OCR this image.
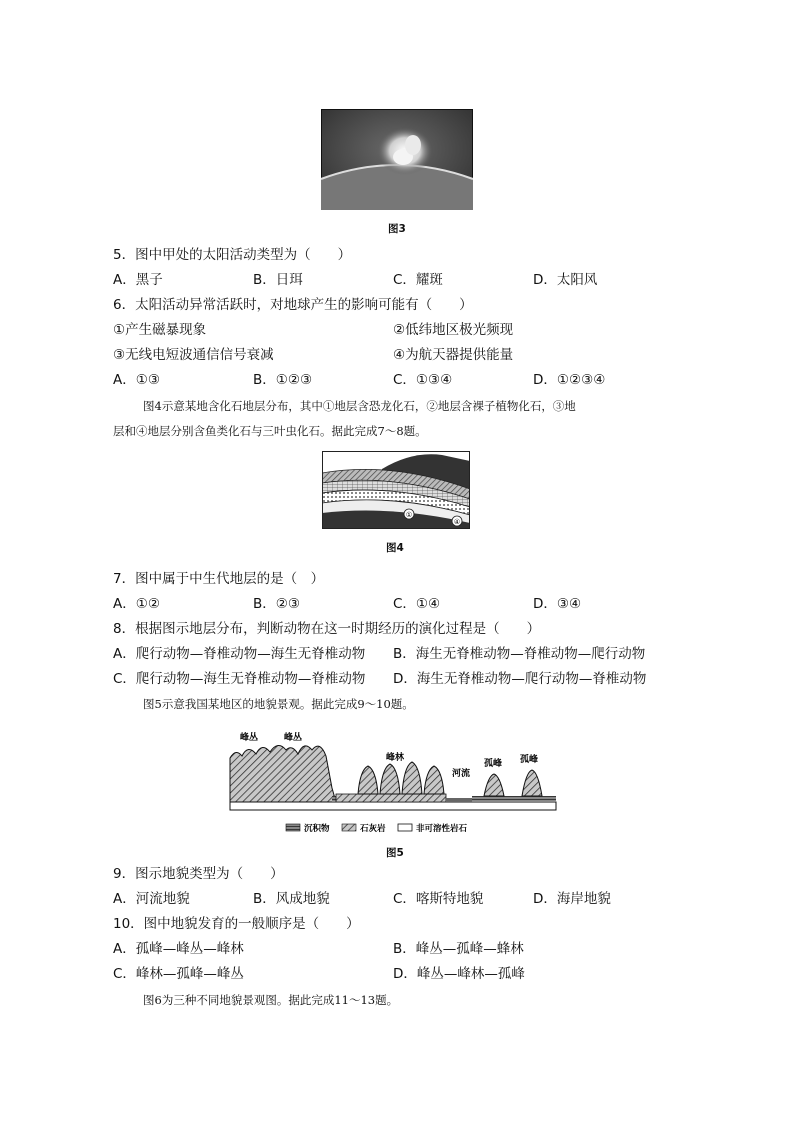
图3
5．图中甲处的太阳活动类型为（　　）
A．黑子	B．日珥	C．耀斑	D．太阳风
6．太阳活动异常活跃时，对地球产生的影响可能有（　　）
①产生磁暴现象	②低纬地区极光频现
③无线电短波通信信号衰减	④为航天器提供能量
A．①③	B．①②③	C．①③④	D．①②③④
图4示意某地含化石地层分布，其中①地层含恐龙化石，②地层含裸子植物化石，③地
层和④地层分别含鱼类化石与三叶虫化石。据此完成7～8题。
①
④
图4
7．图中属于中生代地层的是（　）
A．①②	B．②③	C．①④	D．③④
8．根据图示地层分布，判断动物在这一时期经历的演化过程是（　　）
A．爬行动物—脊椎动物—海生无脊椎动物 B．海生无脊椎动物—脊椎动物—爬行动物
C．爬行动物—海生无脊椎动物—脊椎动物 D．海生无脊椎动物—爬行动物—脊椎动物
图5示意我国某地区的地貌景观。据此完成9～10题。
峰丛	峰丛
峰林
河流
孤峰 孤峰
沉积物	石灰岩	非可溶性岩石
图5
9．图示地貌类型为（　　）
A．河流地貌	B．风成地貌	C．喀斯特地貌	D．海岸地貌
10．图中地貌发育的一般顺序是（　　）
A．孤峰—峰丛—峰林	B．峰丛—孤峰—蜂林
C．峰林—孤峰—峰丛	D．峰丛—峰林—孤峰
图6为三种不同地貌景观图。据此完成11～13题。
